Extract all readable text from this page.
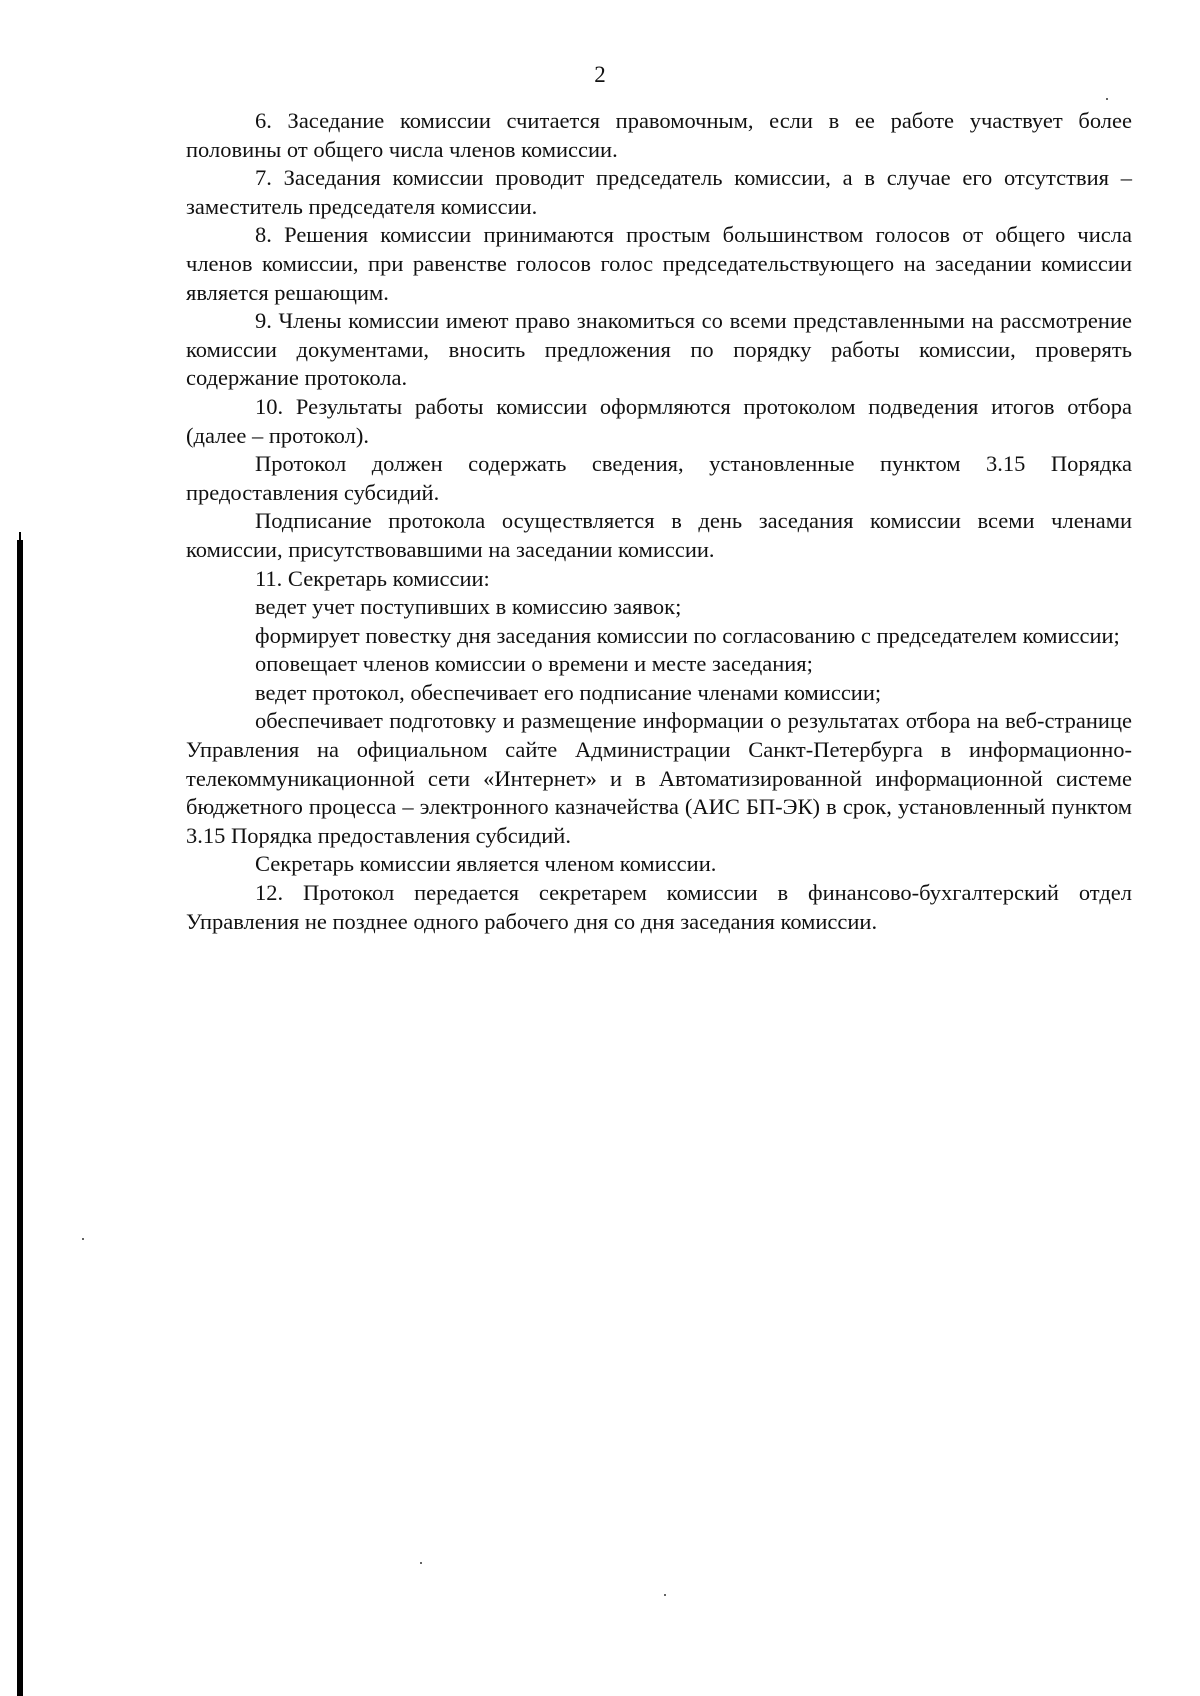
2

6. Заседание комиссии считается правомочным, если в ее работе участвует более половины от общего числа членов комиссии.

7. Заседания комиссии проводит председатель комиссии, а в случае его отсутствия – заместитель председателя комиссии.

8. Решения комиссии принимаются простым большинством голосов от общего числа членов комиссии, при равенстве голосов голос председательствующего на заседании комиссии является решающим.

9. Члены комиссии имеют право знакомиться со всеми представленными на рассмотрение комиссии документами, вносить предложения по порядку работы комиссии, проверять содержание протокола.

10. Результаты работы комиссии оформляются протоколом подведения итогов отбора (далее – протокол).

Протокол должен содержать сведения, установленные пунктом 3.15 Порядка предоставления субсидий.

Подписание протокола осуществляется в день заседания комиссии всеми членами комиссии, присутствовавшими на заседании комиссии.

11. Секретарь комиссии:

ведет учет поступивших в комиссию заявок;

формирует повестку дня заседания комиссии по согласованию с председателем комиссии;

оповещает членов комиссии о времени и месте заседания;

ведет протокол, обеспечивает его подписание членами комиссии;

обеспечивает подготовку и размещение информации о результатах отбора на веб-странице Управления на официальном сайте Администрации Санкт-Петербурга в информационно-телекоммуникационной сети «Интернет» и в Автоматизированной информационной системе бюджетного процесса – электронного казначейства (АИС БП-ЭК) в срок, установленный пунктом 3.15 Порядка предоставления субсидий.

Секретарь комиссии является членом комиссии.

12. Протокол передается секретарем комиссии в финансово-бухгалтерский отдел Управления не позднее одного рабочего дня со дня заседания комиссии.
